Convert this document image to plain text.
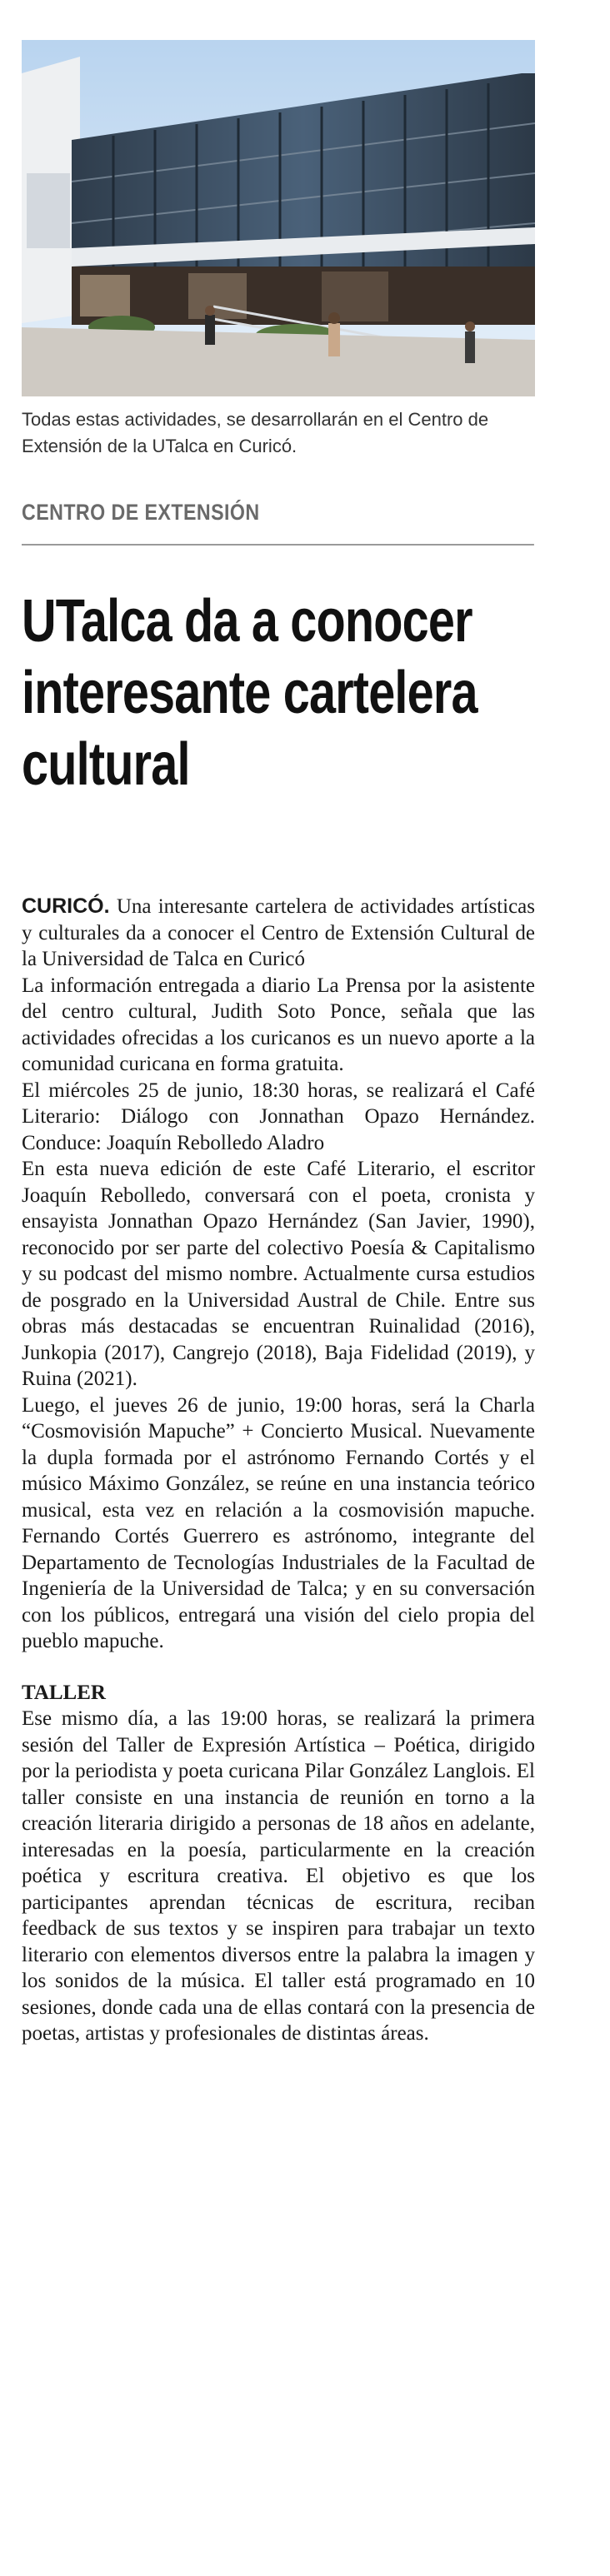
Todas estas actividades, se desarrollarán en el Centro de Extensión de la UTalca en Curicó.
CENTRO DE EXTENSIÓN
UTalca da a conocer interesante cartelera cultural

CURICÓ. Una interesante cartelera de actividades artísticas y culturales da a conocer el Centro de Extensión Cultural de la Universidad de Talca en Curicó

La información entregada a diario La Prensa por la asistente del centro cultural, Judith Soto Ponce, señala que las actividades ofrecidas a los curicanos es un nuevo aporte a la comunidad curicana en forma gratuita.

El miércoles 25 de junio, 18:30 horas, se realizará el Café Literario: Diálogo con Jonnathan Opazo Hernández. Conduce: Joaquín Rebolledo Aladro

En esta nueva edición de este Café Literario, el escritor Joaquín Rebolledo, conversará con el poeta, cronista y ensayista Jonnathan Opazo Hernández (San Javier, 1990), reconocido por ser parte del colectivo Poesía & Capitalismo y su podcast del mismo nombre. Actualmente cursa estudios de posgrado en la Universidad Austral de Chile. Entre sus obras más destacadas se encuentran Ruinalidad (2016), Junkopia (2017), Cangrejo (2018), Baja Fidelidad (2019), y Ruina (2021).

Luego, el jueves 26 de junio, 19:00 horas, será la Charla “Cosmovisión Mapuche” + Concierto Musical. Nuevamente la dupla formada por el astrónomo Fernando Cortés y el músico Máximo González, se reúne en una instancia teórico musical, esta vez en relación a la cosmovisión mapuche. Fernando Cortés Guerrero es astrónomo, integrante del Departamento de Tecnologías Industriales de la Facultad de Ingeniería de la Universidad de Talca; y en su conversación con los públicos, entregará una visión del cielo propia del pueblo mapuche.

TALLER

Ese mismo día, a las 19:00 horas, se realizará la primera sesión del Taller de Expresión Artística – Poética, dirigido por la periodista y poeta curicana Pilar González Langlois. El taller consiste en una instancia de reunión en torno a la creación literaria dirigido a personas de 18 años en adelante, interesadas en la poesía, particularmente en la creación poética y escritura creativa. El objetivo es que los participantes aprendan técnicas de escritura, reciban feedback de sus textos y se inspiren para trabajar un texto literario con elementos diversos entre la palabra la imagen y los sonidos de la música. El taller está programado en 10 sesiones, donde cada una de ellas contará con la presencia de poetas, artistas y profesionales de distintas áreas.
